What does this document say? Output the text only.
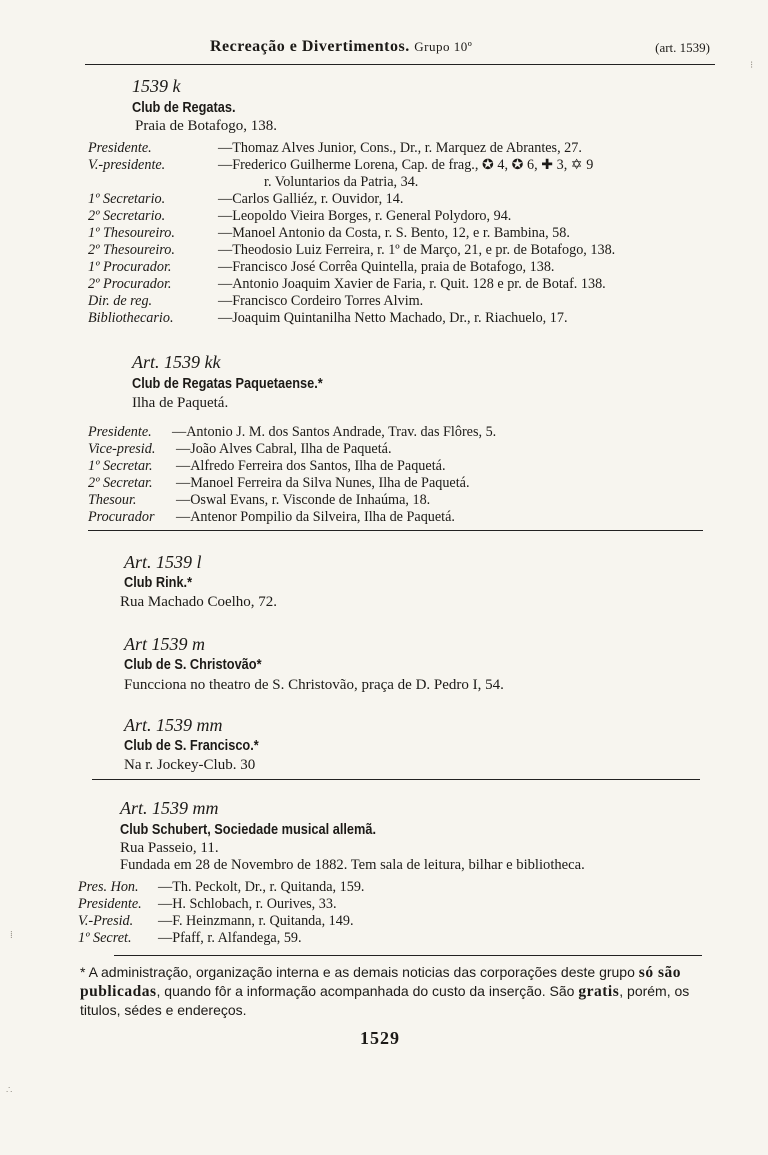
Recreação e Divertimentos. Grupo 10º	(art. 1539)
1539 k
Club de Regatas.
Praia de Botafogo, 138.
Presidente.	—Thomaz Alves Junior, Cons., Dr., r. Marquez de Abrantes, 27.
V.-presidente.	—Frederico Guilherme Lorena, Cap. de frag., ✪ 4, ✪ 6, ✚ 3, ✡ 9
r. Voluntarios da Patria, 34.
1º Secretario.	—Carlos Galliéz, r. Ouvidor, 14.
2º Secretario.	—Leopoldo Vieira Borges, r. General Polydoro, 94.
1º Thesoureiro.	—Manoel Antonio da Costa, r. S. Bento, 12, e r. Bambina, 58.
2º Thesoureiro.	—Theodosio Luiz Ferreira, r. 1º de Março, 21, e pr. de Botafogo, 138.
1º Procurador.	—Francisco José Corrêa Quintella, praia de Botafogo, 138.
2º Procurador.	—Antonio Joaquim Xavier de Faria, r. Quit. 128 e pr. de Botaf. 138.
Dir. de reg.	—Francisco Cordeiro Torres Alvim.
Bibliothecario.	—Joaquim Quintanilha Netto Machado, Dr., r. Riachuelo, 17.
Art. 1539 kk
Club de Regatas Paquetaense.*
Ilha de Paquetá.
Presidente. —Antonio J. M. dos Santos Andrade, Trav. das Flôres, 5.
Vice-presid. —João Alves Cabral, Ilha de Paquetá.
1º Secretar. —Alfredo Ferreira dos Santos, Ilha de Paquetá.
2º Secretar. —Manoel Ferreira da Silva Nunes, Ilha de Paquetá.
Thesour.	—Oswal Evans, r. Visconde de Inhaúma, 18.
Procurador —Antenor Pompilio da Silveira, Ilha de Paquetá.
Art. 1539 l
Club Rink.*
Rua Machado Coelho, 72.
Art 1539 m
Club de S. Christovão*
Funcciona no theatro de S. Christovão, praça de D. Pedro I, 54.
Art. 1539 mm
Club de S. Francisco.*
Na r. Jockey-Club. 30
Art. 1539 mm
Club Schubert, Sociedade musical allemã.
Rua Passeio, 11.
Fundada em 28 de Novembro de 1882. Tem sala de leitura, bilhar e bibliotheca.
Pres. Hon. —Th. Peckolt, Dr., r. Quitanda, 159.
Presidente. —H. Schlobach, r. Ourives, 33.
V.-Presid. —F. Heinzmann, r. Quitanda, 149.
1º Secret. —Pfaff, r. Alfandega, 59.
* A administração, organização interna e as demais noticias das corporações deste grupo só são publicadas, quando fôr a informação acompanhada do custo da inserção. São gratis, porém, os titulos, sédes e endereços.
1529
⁞
⁝
∴
